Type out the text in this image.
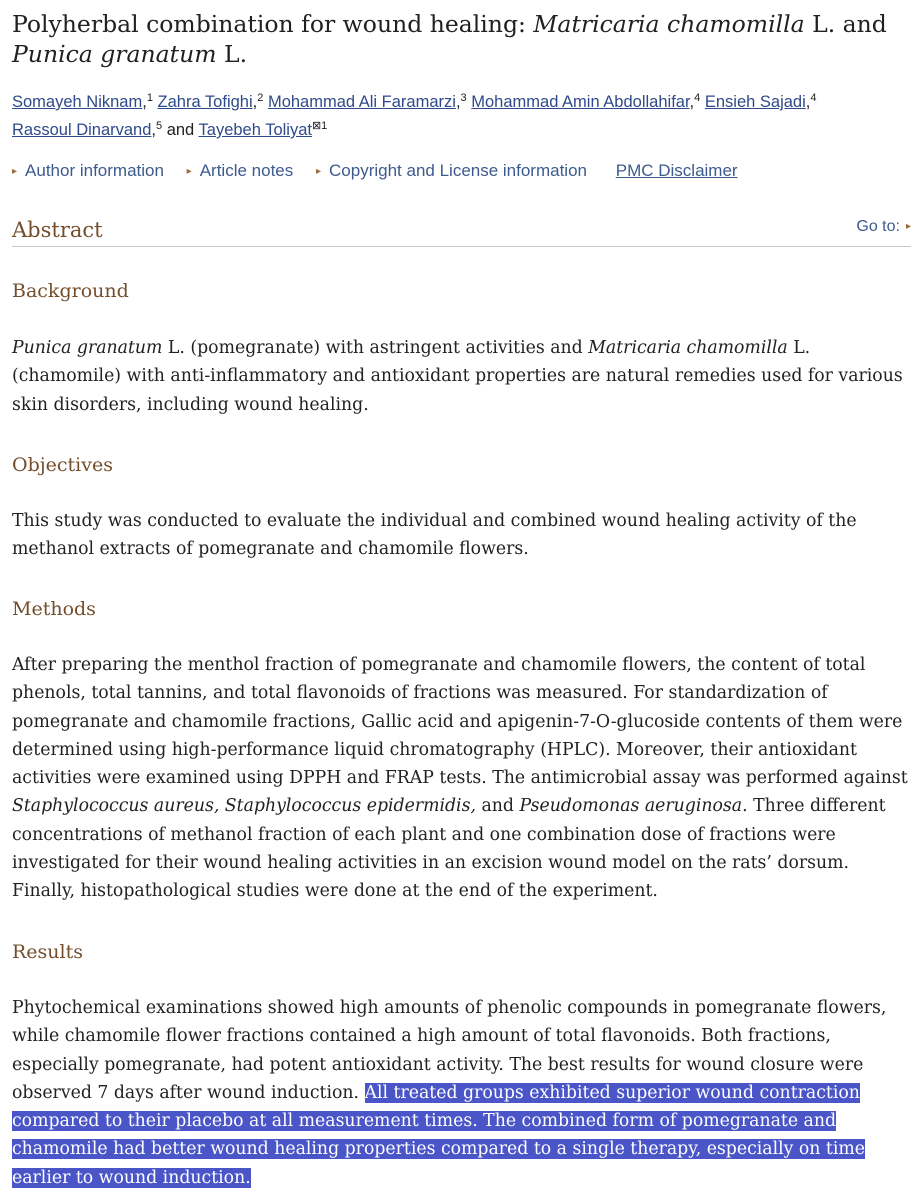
Polyherbal combination for wound healing: Matricaria chamomilla L. and Punica granatum L.
Somayeh Niknam,$^1$ Zahra Tofighi,$^2$ Mohammad Ali Faramarzi,$^3$ Mohammad Amin Abdollahifar,$^4$ Ensieh Sajadi,$^4$
Rassoul Dinarvand,$^5$ and Tayebeh Toliyat$^{⊠1}$
▸ Author information ▸ Article notes ▸ Copyright and License information PMC Disclaimer
Abstract	Go to: ▸
Background
Punica granatum L. (pomegranate) with astringent activities and Matricaria chamomilla L. (chamomile) with anti-inflammatory and antioxidant properties are natural remedies used for various skin disorders, including wound healing.
Objectives
This study was conducted to evaluate the individual and combined wound healing activity of the methanol extracts of pomegranate and chamomile flowers.
Methods
After preparing the menthol fraction of pomegranate and chamomile flowers, the content of total phenols, total tannins, and total flavonoids of fractions was measured. For standardization of pomegranate and chamomile fractions, Gallic acid and apigenin-7-O-glucoside contents of them were determined using high-performance liquid chromatography (HPLC). Moreover, their antioxidant activities were examined using DPPH and FRAP tests. The antimicrobial assay was performed against Staphylococcus aureus, Staphylococcus epidermidis, and Pseudomonas aeruginosa. Three different concentrations of methanol fraction of each plant and one combination dose of fractions were investigated for their wound healing activities in an excision wound model on the rats’ dorsum. Finally, histopathological studies were done at the end of the experiment.
Results
Phytochemical examinations showed high amounts of phenolic compounds in pomegranate flowers, while chamomile flower fractions contained a high amount of total flavonoids. Both fractions, especially pomegranate, had potent antioxidant activity. The best results for wound closure were observed 7 days after wound induction. All treated groups exhibited superior wound contraction compared to their placebo at all measurement times. The combined form of pomegranate and chamomile had better wound healing properties compared to a single therapy, especially on time earlier to wound induction.
